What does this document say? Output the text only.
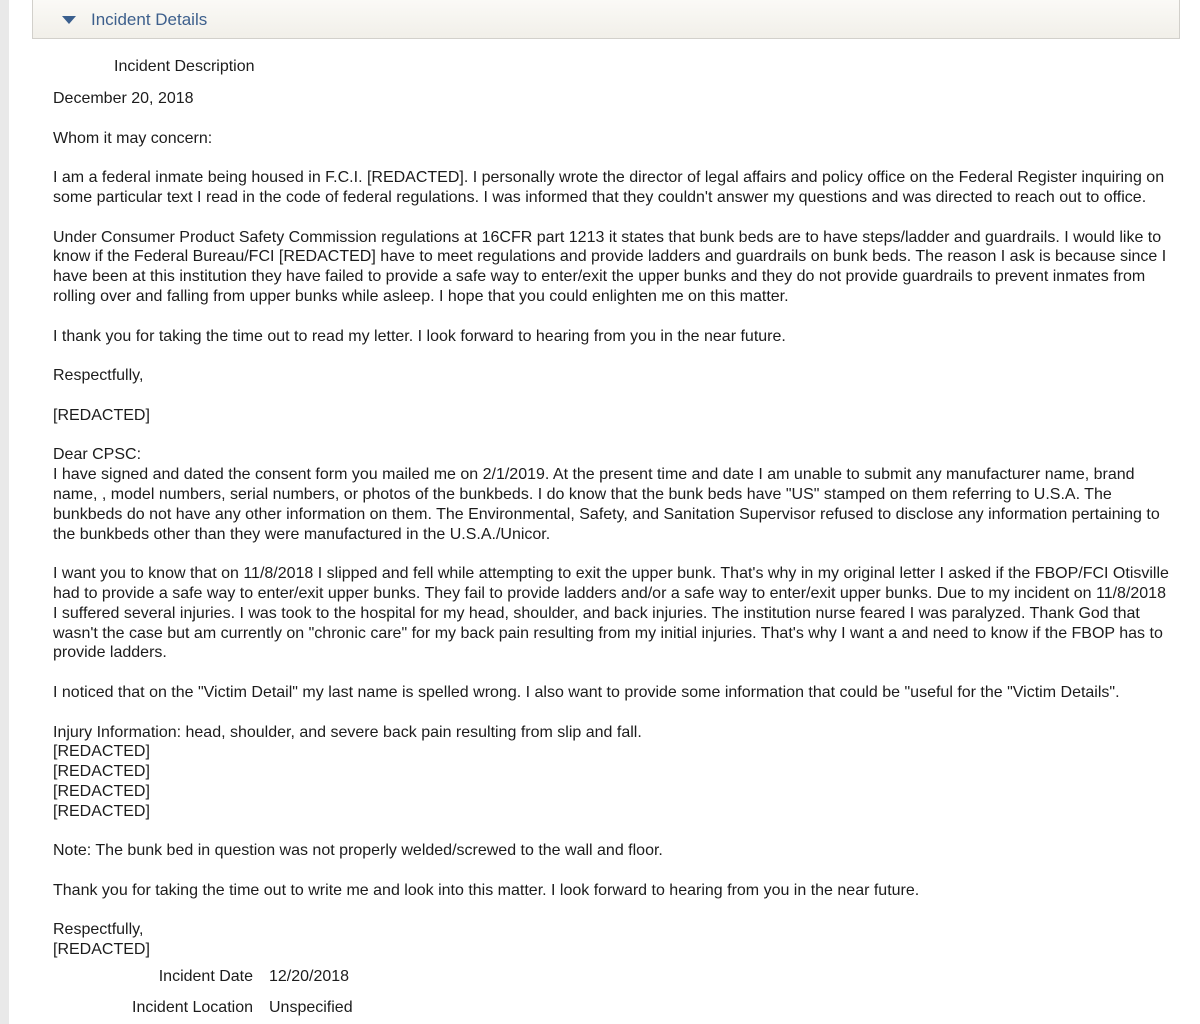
Incident Details
Incident Description

December 20, 2018

Whom it may concern:

I am a federal inmate being housed in F.C.I. [REDACTED]. I personally wrote the director of legal affairs and policy office on the Federal Register inquiring on some particular text I read in the code of federal regulations. I was informed that they couldn't answer my questions and was directed to reach out to office.

Under Consumer Product Safety Commission regulations at 16CFR part 1213 it states that bunk beds are to have steps/ladder and guardrails. I would like to know if the Federal Bureau/FCI [REDACTED] have to meet regulations and provide ladders and guardrails on bunk beds. The reason I ask is because since I have been at this institution they have failed to provide a safe way to enter/exit the upper bunks and they do not provide guardrails to prevent inmates from rolling over and falling from upper bunks while asleep. I hope that you could enlighten me on this matter.

I thank you for taking the time out to read my letter. I look forward to hearing from you in the near future.

Respectfully,

[REDACTED]

Dear CPSC:

I have signed and dated the consent form you mailed me on 2/1/2019. At the present time and date I am unable to submit any manufacturer name, brand name, , model numbers, serial numbers, or photos of the bunkbeds. I do know that the bunk beds have "US" stamped on them referring to U.S.A. The bunkbeds do not have any other information on them. The Environmental, Safety, and Sanitation Supervisor refused to disclose any information pertaining to the bunkbeds other than they were manufactured in the U.S.A./Unicor.

I want you to know that on 11/8/2018 I slipped and fell while attempting to exit the upper bunk. That's why in my original letter I asked if the FBOP/FCI Otisville had to provide a safe way to enter/exit upper bunks. They fail to provide ladders and/or a safe way to enter/exit upper bunks. Due to my incident on 11/8/2018 I suffered several injuries. I was took to the hospital for my head, shoulder, and back injuries. The institution nurse feared I was paralyzed. Thank God that wasn't the case but am currently on "chronic care" for my back pain resulting from my initial injuries. That's why I want a and need to know if the FBOP has to provide ladders.

I noticed that on the "Victim Detail" my last name is spelled wrong. I also want to provide some information that could be "useful for the "Victim Details".

Injury Information: head, shoulder, and severe back pain resulting from slip and fall.

[REDACTED]

[REDACTED]

[REDACTED]

[REDACTED]

Note: The bunk bed in question was not properly welded/screwed to the wall and floor.

Thank you for taking the time out to write me and look into this matter. I look forward to hearing from you in the near future.

Respectfully,

[REDACTED]

Incident Date 12/20/2018
Incident Location Unspecified
